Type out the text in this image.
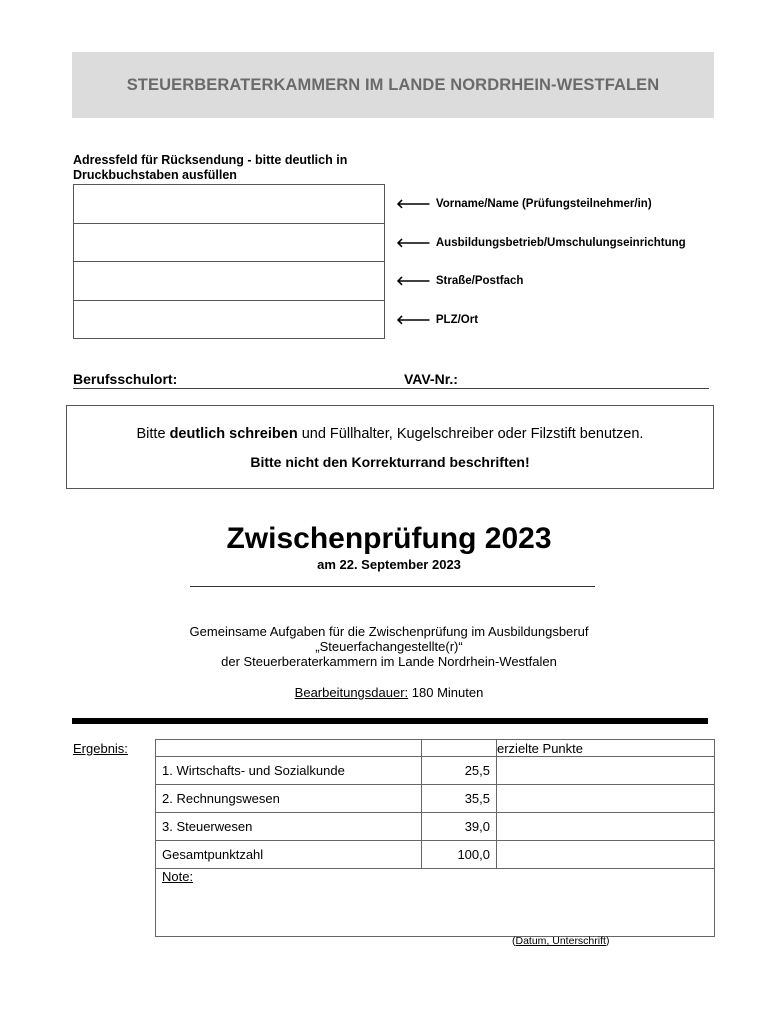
STEUERBERATERKAMMERN IM LANDE NORDRHEIN-WESTFALEN
Adressfeld für Rücksendung - bitte deutlich in Druckbuchstaben ausfüllen
🡐 Vorname/Name (Prüfungsteilnehmer/in)
🡐 Ausbildungsbetrieb/Umschulungseinrichtung
🡐 Straße/Postfach
🡐 PLZ/Ort
Berufsschulort:	VAV-Nr.:
Bitte deutlich schreiben und Füllhalter, Kugelschreiber oder Filzstift benutzen.
Bitte nicht den Korrekturrand beschriften!
Zwischenprüfung 2023
am 22. September 2023
Gemeinsame Aufgaben für die Zwischenprüfung im Ausbildungsberuf
„Steuerfachangestellte(r)“
der Steuerberaterkammern im Lande Nordrhein-Westfalen
Bearbeitungsdauer: 180 Minuten
Ergebnis:
			erzielte Punkte
1. Wirtschafts- und Sozialkunde	25,5	
2. Rechnungswesen	35,5	
3. Steuerwesen	39,0	
Gesamtpunktzahl	100,0	

Note:		
(Datum, Unterschrift)
